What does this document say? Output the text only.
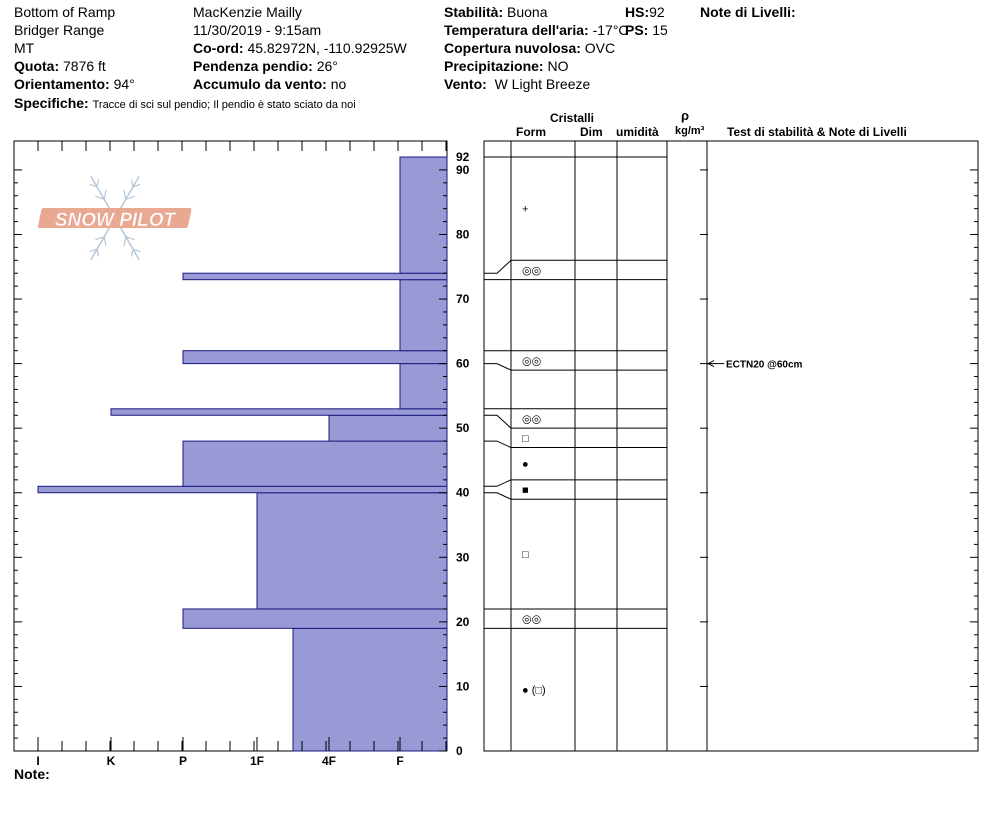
Bottom of Ramp
Bridger Range
MT
Quota: 7876 ft
Orientamento: 94°
Specifiche: Tracce di sci sul pendio; Il pendio è stato sciato da noi
MacKenzie Mailly
11/30/2019 - 9:15am
Co-ord: 45.82972N, -110.92925W
Pendenza pendio: 26°
Accumulo da vento: no
Stabilità: Buona
Temperatura dell'aria: -17°C
Copertura nuvolosa: OVC
Precipitazione: NO
Vento: W Light Breeze
HS:92
PS: 15
Note di Livelli:
Note:
SNOW PILOT
I	K	P	1F	4F	F
0
10
20
30
40
50
60
70
80
90
92
● (□)
◎◎
□
■
●
□
◎◎
◎◎
◎◎
+
ECTN20 @60cm
Cristalli
Form	Dim umidità
ρ
kg/m³ Test di stabilità & Note di Livelli
